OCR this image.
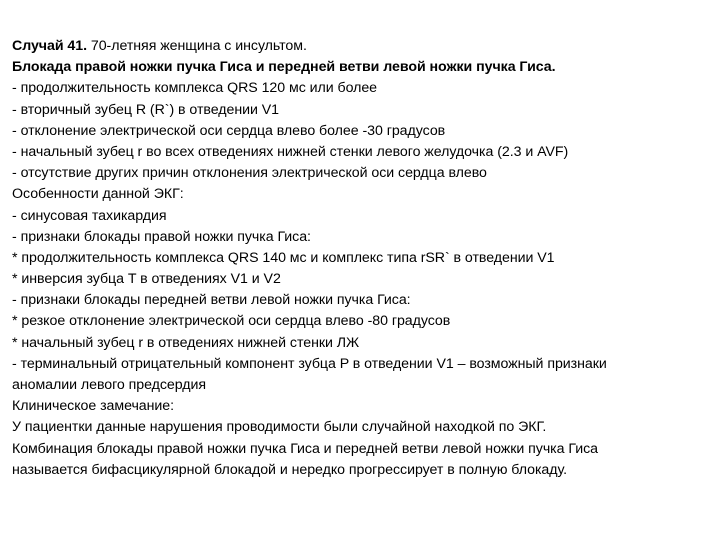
Случай 41. 70-летняя женщина с инсультом.
Блокада правой ножки пучка Гиса и передней ветви левой ножки пучка Гиса.
- продолжительность комплекса QRS 120 мс или более
- вторичный зубец R (R`) в отведении V1
- отклонение электрической оси сердца влево более -30 градусов
- начальный зубец r во всех отведениях нижней стенки левого желудочка (2.3 и AVF)
- отсутствие других причин отклонения электрической оси сердца влево
Особенности данной ЭКГ:
- синусовая тахикардия
- признаки блокады правой ножки пучка Гиса:
* продолжительность комплекса QRS 140 мс и комплекс типа rSR` в отведении V1
* инверсия зубца T в отведениях V1 и V2
- признаки блокады передней ветви левой ножки пучка Гиса:
* резкое отклонение электрической оси сердца влево -80 градусов
* начальный зубец r в отведениях нижней стенки ЛЖ
- терминальный отрицательный компонент зубца P в отведении V1 – возможный признаки
аномалии левого предсердия
Клиническое замечание:
У пациентки данные нарушения проводимости были случайной находкой по ЭКГ.
Комбинация блокады правой ножки пучка Гиса и передней ветви левой ножки пучка Гиса
называется бифасцикулярной блокадой и нередко прогрессирует в полную блокаду.
